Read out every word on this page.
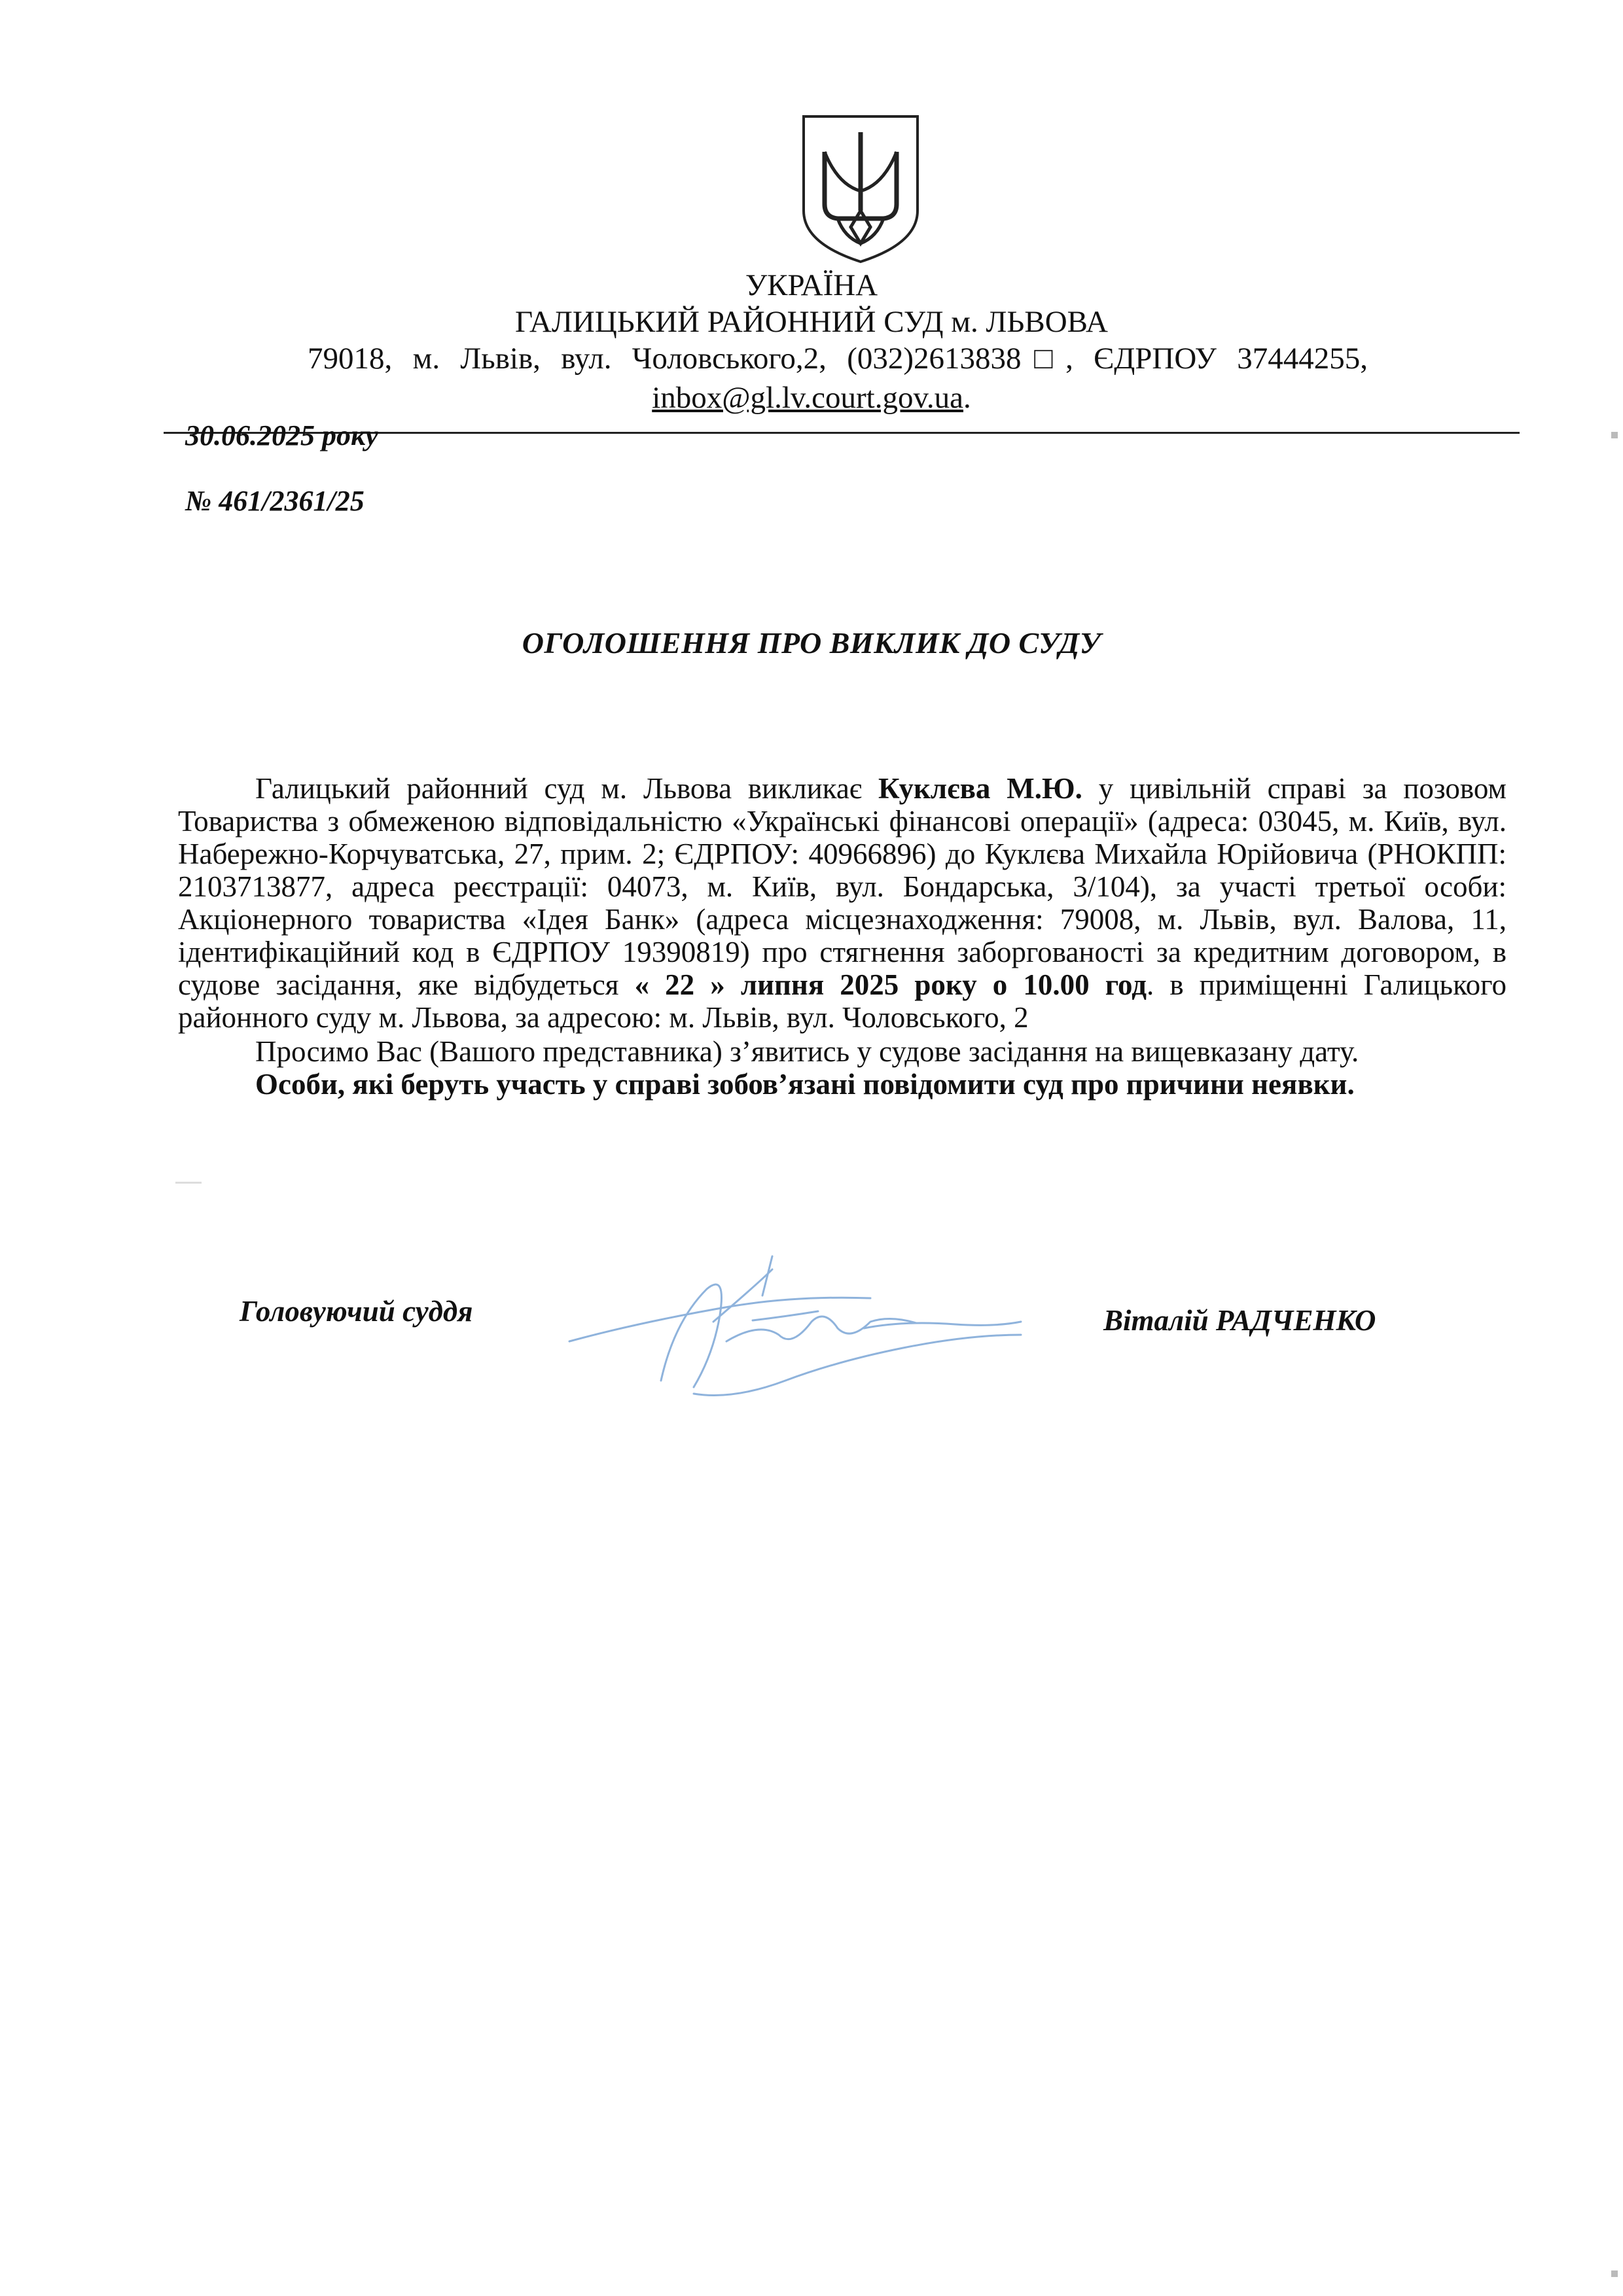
УКРАЇНА
ГАЛИЦЬКИЙ РАЙОННИЙ СУД м. ЛЬВОВА
79018, м. Львів, вул. Чоловського,2, (032)2613838□, ЄДРПОУ 37444255,
inbox@gl.lv.court.gov.ua.
30.06.2025 року
№ 461/2361/25
ОГОЛОШЕННЯ ПРО ВИКЛИК ДО СУДУ

Галицький районний суд м. Львова викликає Куклєва М.Ю. у цивільній справі за позовом Товариства з обмеженою відповідальністю «Українські фінансові операції» (адреса: 03045, м. Київ, вул. Набережно-Корчуватська, 27, прим. 2; ЄДРПОУ: 40966896) до Куклєва Михайла Юрійовича (РНОКПП: 2103713877, адреса реєстрації: 04073, м. Київ, вул. Бондарська, 3/104), за участі третьої особи: Акціонерного товариства «Ідея Банк» (адреса місцезнаходження: 79008, м. Львів, вул. Валова, 11, ідентифікаційний код в ЄДРПОУ 19390819) про стягнення заборгованості за кредитним договором, в судове засідання, яке відбудеться « 22 » липня 2025 року о 10.00 год. в приміщенні Галицького районного суду м. Львова, за адресою: м. Львів, вул. Чоловського, 2

Просимо Вас (Вашого представника) з’явитись у судове засідання на вищевказану дату.

Особи, які беруть участь у справі зобов’язані повідомити суд про причини неявки.

Головуючий суддя	Віталій РАДЧЕНКО
